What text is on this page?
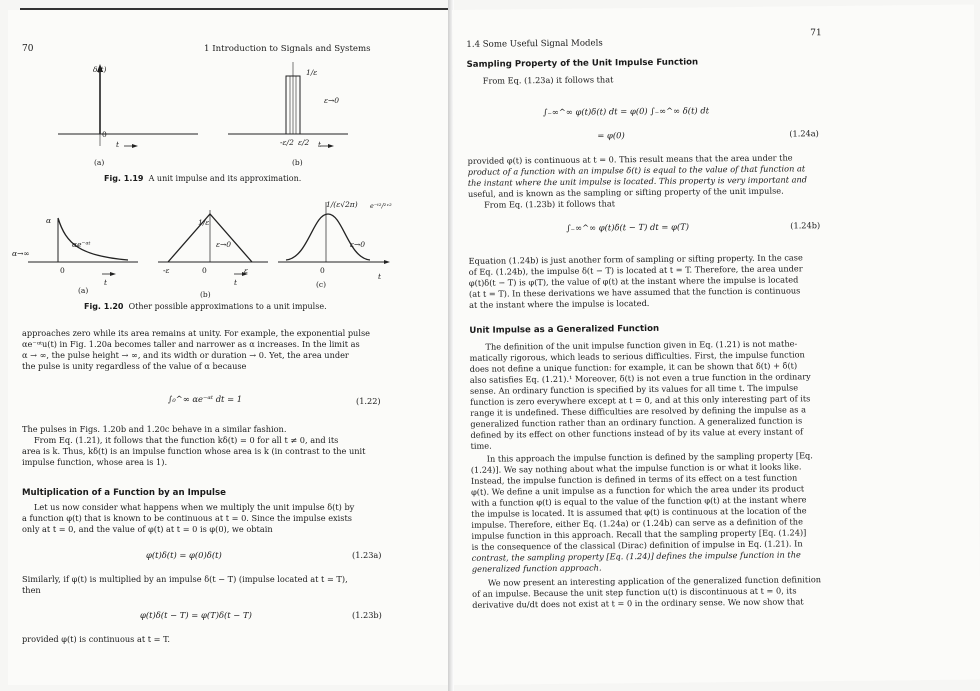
70	1 Introduction to Signals and Systems
δ(t)
0
t
1/ε
ε→0
-ε/2 ε/2 t
(a)	(b)
Fig. 1.19 A unit impulse and its approximation.
α
αe⁻ᵅᵗ
α→∞
0
t
1/ε
ε→0
-ε	0	ε
t
1/(ε√2π) e⁻ᵗ²/²ᵋ²
ε→0
0
t
(a)	(b)
(c)
Fig. 1.20 Other possible approximations to a unit impulse.
approaches zero while its area remains at unity. For example, the exponential pulse
αe⁻ᵅᵗu(t) in Fig. 1.20a becomes taller and narrower as α increases. In the limit as
α → ∞, the pulse height → ∞, and its width or duration → 0. Yet, the area under
the pulse is unity regardless of the value of α because
∫₀^∞ αe⁻ᵅᵗ dt = 1	(1.22)
The pulses in Figs. 1.20b and 1.20c behave in a similar fashion.
From Eq. (1.21), it follows that the function kδ(t) = 0 for all t ≠ 0, and its
area is k. Thus, kδ(t) is an impulse function whose area is k (in contrast to the unit
impulse function, whose area is 1).
Multiplication of a Function by an Impulse
Let us now consider what happens when we multiply the unit impulse δ(t) by
a function φ(t) that is known to be continuous at t = 0. Since the impulse exists
only at t = 0, and the value of φ(t) at t = 0 is φ(0), we obtain
φ(t)δ(t) = φ(0)δ(t)	(1.23a)
Similarly, if φ(t) is multiplied by an impulse δ(t − T) (impulse located at t = T),
then
φ(t)δ(t − T) = φ(T)δ(t − T)	(1.23b)
provided φ(t) is continuous at t = T.
1.4 Some Useful Signal Models
71
Sampling Property of the Unit Impulse Function
From Eq. (1.23a) it follows that
∫₋∞^∞ φ(t)δ(t) dt = φ(0) ∫₋∞^∞ δ(t) dt
= φ(0)	(1.24a)
provided φ(t) is continuous at t = 0. This result means that the area under the
product of a function with an impulse δ(t) is equal to the value of that function at
the instant where the unit impulse is located. This property is very important and
useful, and is known as the sampling or sifting property of the unit impulse.
From Eq. (1.23b) it follows that
∫₋∞^∞ φ(t)δ(t − T) dt = φ(T)	(1.24b)
Equation (1.24b) is just another form of sampling or sifting property. In the case
of Eq. (1.24b), the impulse δ(t − T) is located at t = T. Therefore, the area under
φ(t)δ(t − T) is φ(T), the value of φ(t) at the instant where the impulse is located
(at t = T). In these derivations we have assumed that the function is continuous
at the instant where the impulse is located.
Unit Impulse as a Generalized Function
The definition of the unit impulse function given in Eq. (1.21) is not mathe-
matically rigorous, which leads to serious difficulties. First, the impulse function
does not define a unique function: for example, it can be shown that δ(t) + δ̇(t)
also satisfies Eq. (1.21).¹ Moreover, δ(t) is not even a true function in the ordinary
sense. An ordinary function is specified by its values for all time t. The impulse
function is zero everywhere except at t = 0, and at this only interesting part of its
range it is undefined. These difficulties are resolved by defining the impulse as a
generalized function rather than an ordinary function. A generalized function is
defined by its effect on other functions instead of by its value at every instant of
time.
In this approach the impulse function is defined by the sampling property [Eq.
(1.24)]. We say nothing about what the impulse function is or what it looks like.
Instead, the impulse function is defined in terms of its effect on a test function
φ(t). We define a unit impulse as a function for which the area under its product
with a function φ(t) is equal to the value of the function φ(t) at the instant where
the impulse is located. It is assumed that φ(t) is continuous at the location of the
impulse. Therefore, either Eq. (1.24a) or (1.24b) can serve as a definition of the
impulse function in this approach. Recall that the sampling property [Eq. (1.24)]
is the consequence of the classical (Dirac) definition of impulse in Eq. (1.21). In
contrast, the sampling property [Eq. (1.24)] defines the impulse function in the
generalized function approach.
We now present an interesting application of the generalized function definition
of an impulse. Because the unit step function u(t) is discontinuous at t = 0, its
derivative du/dt does not exist at t = 0 in the ordinary sense. We now show that
